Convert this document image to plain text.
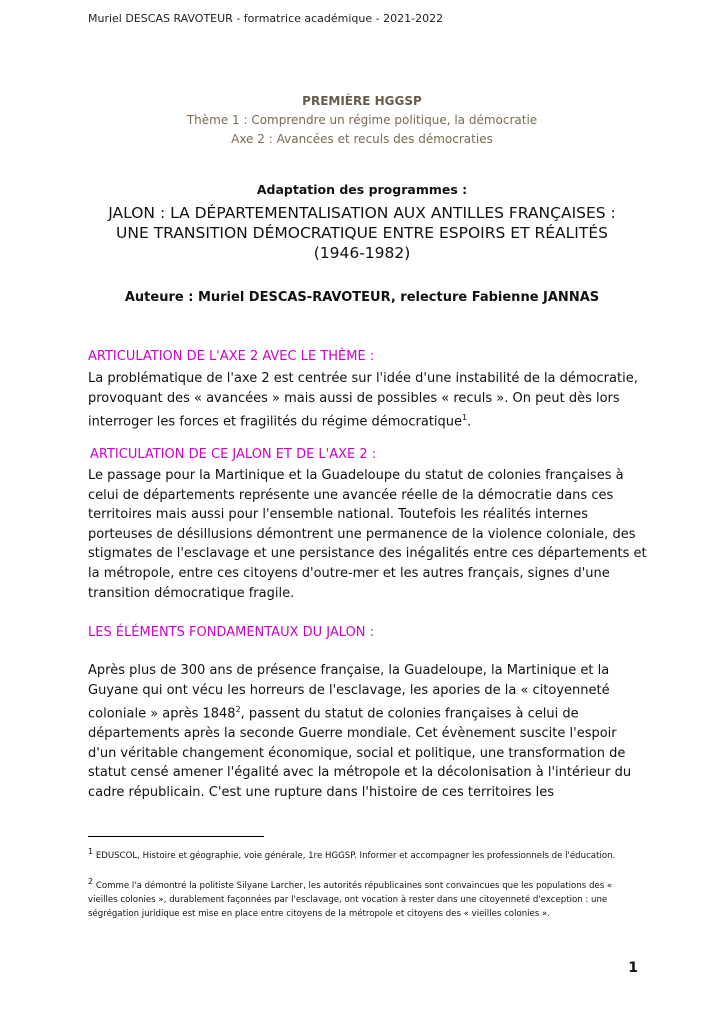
Muriel DESCAS RAVOTEUR - formatrice académique - 2021-2022
PREMIÈRE HGGSP
Thème 1 : Comprendre un régime politique, la démocratie
Axe 2 : Avancées et reculs des démocraties
Adaptation des programmes :
JALON : LA DÉPARTEMENTALISATION AUX ANTILLES FRANÇAISES :
UNE TRANSITION DÉMOCRATIQUE ENTRE ESPOIRS ET RÉALITÉS
(1946-1982)
Auteure : Muriel DESCAS-RAVOTEUR, relecture Fabienne JANNAS
ARTICULATION DE L'AXE 2 AVEC LE THÈME :
La problématique de l'axe 2 est centrée sur l'idée d'une instabilité de la démocratie, provoquant des « avancées » mais aussi de possibles « reculs ». On peut dès lors interroger les forces et fragilités du régime démocratique$^1$.
ARTICULATION DE CE JALON ET DE L'AXE 2 :
Le passage pour la Martinique et la Guadeloupe du statut de colonies françaises à celui de départements représente une avancée réelle de la démocratie dans ces territoires mais aussi pour l'ensemble national. Toutefois les réalités internes porteuses de désillusions démontrent une permanence de la violence coloniale, des stigmates de l'esclavage et une persistance des inégalités entre ces départements et la métropole, entre ces citoyens d'outre-mer et les autres français, signes d'une transition démocratique fragile.
LES ÉLÉMENTS FONDAMENTAUX DU JALON :
Après plus de 300 ans de présence française, la Guadeloupe, la Martinique et la Guyane qui ont vécu les horreurs de l'esclavage, les apories de la « citoyenneté coloniale » après 1848$^2$, passent du statut de colonies françaises à celui de départements après la seconde Guerre mondiale. Cet évènement suscite l'espoir d'un véritable changement économique, social et politique, une transformation de statut censé amener l'égalité avec la métropole et la décolonisation à l'intérieur du cadre républicain. C'est une rupture dans l'histoire de ces territoires les
$^1$ EDUSCOL, Histoire et géographie, voie générale, 1re HGGSP. Informer et accompagner les professionnels de l'éducation.
$^2$ Comme l'a démontré la politiste Silyane Larcher, les autorités républicaines sont convaincues que les populations des « vieilles colonies », durablement façonnées par l'esclavage, ont vocation à rester dans une citoyenneté d'exception : une ségrégation juridique est mise en place entre citoyens de la métropole et citoyens des « vieilles colonies ».
1
